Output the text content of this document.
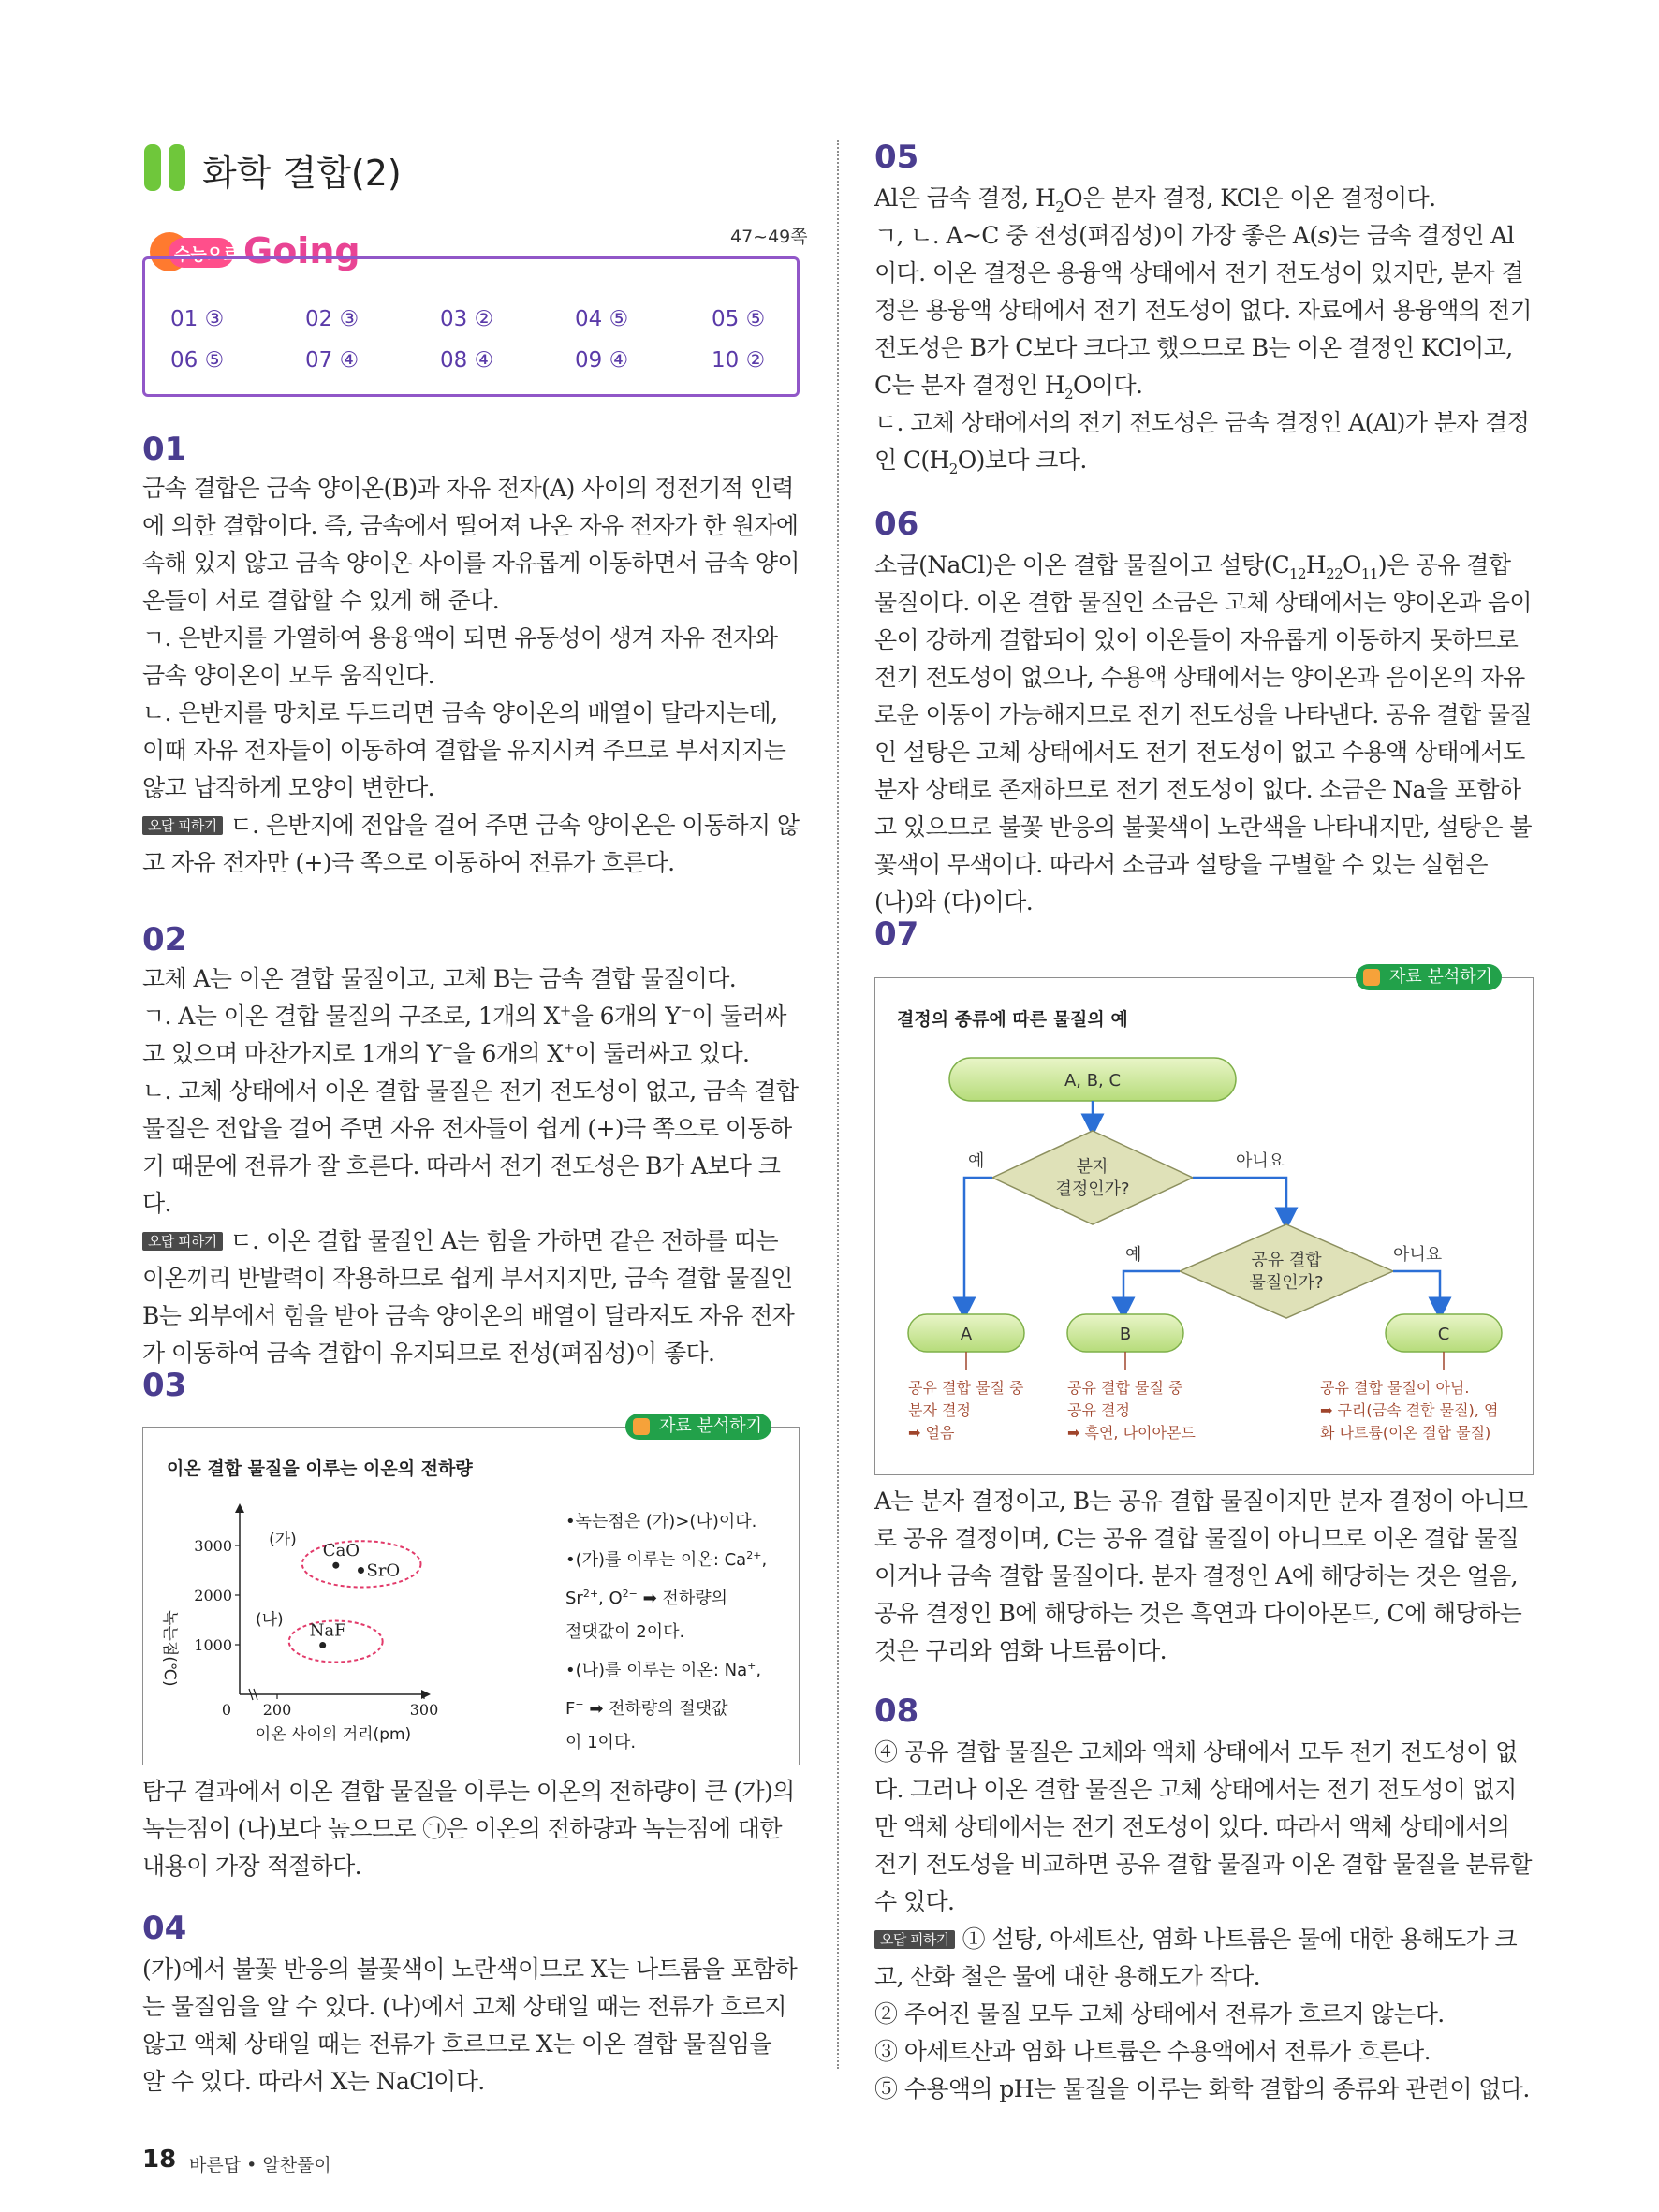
화학 결합(2)
수능으로 Going	47~49쪽
01 ③	02 ③	03 ②	04 ⑤	05 ⑤
06 ⑤	07 ④	08 ④	09 ④	10 ②
01

금속 결합은 금속 양이온(B)과 자유 전자(A) 사이의 정전기적 인력에 의한 결합이다. 즉, 금속에서 떨어져 나온 자유 전자가 한 원자에 속해 있지 않고 금속 양이온 사이를 자유롭게 이동하면서 금속 양이온들이 서로 결합할 수 있게 해 준다.

ㄱ. 은반지를 가열하여 용융액이 되면 유동성이 생겨 자유 전자와 금속 양이온이 모두 움직인다.

ㄴ. 은반지를 망치로 두드리면 금속 양이온의 배열이 달라지는데, 이때 자유 전자들이 이동하여 결합을 유지시켜 주므로 부서지지는 않고 납작하게 모양이 변한다.

오답 피하기 ㄷ. 은반지에 전압을 걸어 주면 금속 양이온은 이동하지 않고 자유 전자만 (+)극 쪽으로 이동하여 전류가 흐른다.

02

고체 A는 이온 결합 물질이고, 고체 B는 금속 결합 물질이다.

ㄱ. A는 이온 결합 물질의 구조로, 1개의 X+을 6개의 Y−이 둘러싸고 있으며 마찬가지로 1개의 Y−을 6개의 X+이 둘러싸고 있다.

ㄴ. 고체 상태에서 이온 결합 물질은 전기 전도성이 없고, 금속 결합 물질은 전압을 걸어 주면 자유 전자들이 쉽게 (+)극 쪽으로 이동하기 때문에 전류가 잘 흐른다. 따라서 전기 전도성은 B가 A보다 크다.

오답 피하기 ㄷ. 이온 결합 물질인 A는 힘을 가하면 같은 전하를 띠는 이온끼리 반발력이 작용하므로 쉽게 부서지지만, 금속 결합 물질인 B는 외부에서 힘을 받아 금속 양이온의 배열이 달라져도 자유 전자가 이동하여 금속 결합이 유지되므로 전성(펴짐성)이 좋다.

03
자료 분석하기
이온 결합 물질을 이루는 이온의 전하량
1000
2000
3000
0 200	300
이온 사이의 거리(pm)
녹는점(℃)
(가)
(나)
CaO
SrO
NaF
•녹는점은 (가)>(나)이다.
•(가)를 이루는 이온: $Ca^{2+}$,
$Sr^{2+}$, $O^{2-}$ ➡ 전하량의
절댓값이 2이다.
•(나)를 이루는 이온: Na+,
F− ➡ 전하량의 절댓값
이 1이다.

탐구 결과에서 이온 결합 물질을 이루는 이온의 전하량이 큰 (가)의 녹는점이 (나)보다 높으므로 ㉠은 이온의 전하량과 녹는점에 대한 내용이 가장 적절하다.

04

(가)에서 불꽃 반응의 불꽃색이 노란색이므로 X는 나트륨을 포함하는 물질임을 알 수 있다. (나)에서 고체 상태일 때는 전류가 흐르지 않고 액체 상태일 때는 전류가 흐르므로 X는 이온 결합 물질임을 알 수 있다. 따라서 X는 NaCl이다.

05

Al은 금속 결정, $H_2O$은 분자 결정, KCl은 이온 결정이다.

ㄱ, ㄴ. A~C 중 전성(펴짐성)이 가장 좋은 A(s)는 금속 결정인 Al이다. 이온 결정은 용융액 상태에서 전기 전도성이 있지만, 분자 결정은 용융액 상태에서 전기 전도성이 없다. 자료에서 용융액의 전기 전도성은 B가 C보다 크다고 했으므로 B는 이온 결정인 KCl이고, C는 분자 결정인 $H_2O$이다.

ㄷ. 고체 상태에서의 전기 전도성은 금속 결정인 A(Al)가 분자 결정인 $C(H_2O)$보다 크다.

06

소금(NaCl)은 이온 결합 물질이고 설탕$(C_{12}H_{22}O_{11})$은 공유 결합 물질이다. 이온 결합 물질인 소금은 고체 상태에서는 양이온과 음이온이 강하게 결합되어 있어 이온들이 자유롭게 이동하지 못하므로 전기 전도성이 없으나, 수용액 상태에서는 양이온과 음이온의 자유로운 이동이 가능해지므로 전기 전도성을 나타낸다. 공유 결합 물질인 설탕은 고체 상태에서도 전기 전도성이 없고 수용액 상태에서도 분자 상태로 존재하므로 전기 전도성이 없다. 소금은 Na을 포함하고 있으므로 불꽃 반응의 불꽃색이 노란색을 나타내지만, 설탕은 불꽃색이 무색이다. 따라서 소금과 설탕을 구별할 수 있는 실험은 (나)와 (다)이다.

07
자료 분석하기
결정의 종류에 따른 물질의 예
A, B, C
분자
결정인가?
예	아니요
공유 결합
물질인가?
예	아니요
A	B	C
공유 결합 물질 중
분자 결정
➡ 얼음
공유 결합 물질 중
공유 결정
➡ 흑연, 다이아몬드
공유 결합 물질이 아님.
➡ 구리(금속 결합 물질), 염
화 나트륨(이온 결합 물질)

A는 분자 결정이고, B는 공유 결합 물질이지만 분자 결정이 아니므로 공유 결정이며, C는 공유 결합 물질이 아니므로 이온 결합 물질이거나 금속 결합 물질이다. 분자 결정인 A에 해당하는 것은 얼음, 공유 결정인 B에 해당하는 것은 흑연과 다이아몬드, C에 해당하는 것은 구리와 염화 나트륨이다.

08

④ 공유 결합 물질은 고체와 액체 상태에서 모두 전기 전도성이 없다. 그러나 이온 결합 물질은 고체 상태에서는 전기 전도성이 없지만 액체 상태에서는 전기 전도성이 있다. 따라서 액체 상태에서의 전기 전도성을 비교하면 공유 결합 물질과 이온 결합 물질을 분류할 수 있다.

오답 피하기 ① 설탕, 아세트산, 염화 나트륨은 물에 대한 용해도가 크고, 산화 철은 물에 대한 용해도가 작다.

② 주어진 물질 모두 고체 상태에서 전류가 흐르지 않는다.

③ 아세트산과 염화 나트륨은 수용액에서 전류가 흐른다.

⑤ 수용액의 pH는 물질을 이루는 화학 결합의 종류와 관련이 없다.

18 바른답 • 알찬풀이
